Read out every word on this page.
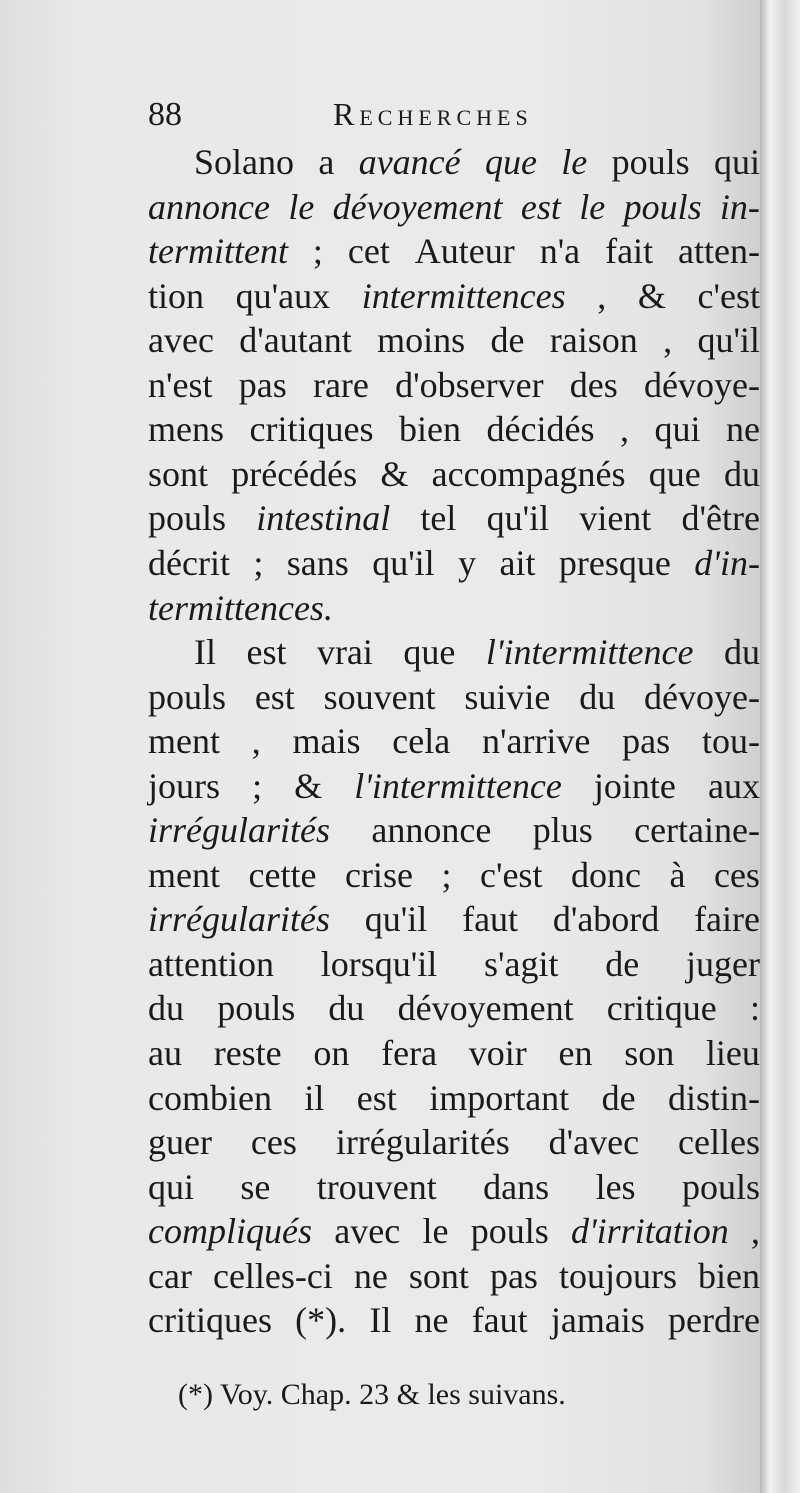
88	Recherches
Solano a avancé que le pouls qui
annonce le dévoyement est le pouls in-
termittent ; cet Auteur n'a fait atten-
tion qu'aux intermittences , & c'est
avec d'autant moins de raison , qu'il
n'est pas rare d'observer des dévoye-
mens critiques bien décidés , qui ne
sont précédés & accompagnés que du
pouls intestinal tel qu'il vient d'être
décrit ; sans qu'il y ait presque d'in-
termittences.
Il est vrai que l'intermittence du
pouls est souvent suivie du dévoye-
ment , mais cela n'arrive pas tou-
jours ; & l'intermittence jointe aux
irrégularités annonce plus certaine-
ment cette crise ; c'est donc à ces
irrégularités qu'il faut d'abord faire
attention lorsqu'il s'agit de juger
du pouls du dévoyement critique :
au reste on fera voir en son lieu
combien il est important de distin-
guer ces irrégularités d'avec celles
qui se trouvent dans les pouls
compliqués avec le pouls d'irritation ,
car celles-ci ne sont pas toujours bien
critiques (*). Il ne faut jamais perdre
(*) Voy. Chap. 23 & les suivans.
